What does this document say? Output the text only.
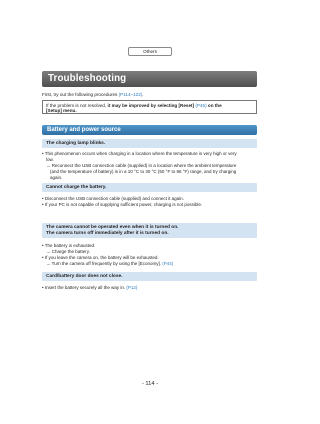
Others
Troubleshooting
First, try out the following procedures (P114–122).
If the problem is not resolved, it may be improved by selecting [Reset] (P45) on the
[Setup] menu.
Battery and power source
The charging lamp blinks.
• This phenomenon occurs when charging in a location where the temperature is very high or very
low.
→ Reconnect the USB connection cable (supplied) in a location where the ambient temperature
(and the temperature of battery) is in a 10 °C to 30 °C (50 °F to 86 °F) range, and try charging
again.
Cannot charge the battery.
• Disconnect the USB connection cable (supplied) and connect it again.
• If your PC is not capable of supplying sufficient power, charging is not possible.
The camera cannot be operated even when it is turned on.
The camera turns off immediately after it is turned on.
• The battery is exhausted.
→ Charge the battery.
• If you leave the camera on, the battery will be exhausted.
→ Turn the camera off frequently by using the [Economy]. (P44)
Card/battery door does not close.
• Insert the battery securely all the way in. (P12)
- 114 -
